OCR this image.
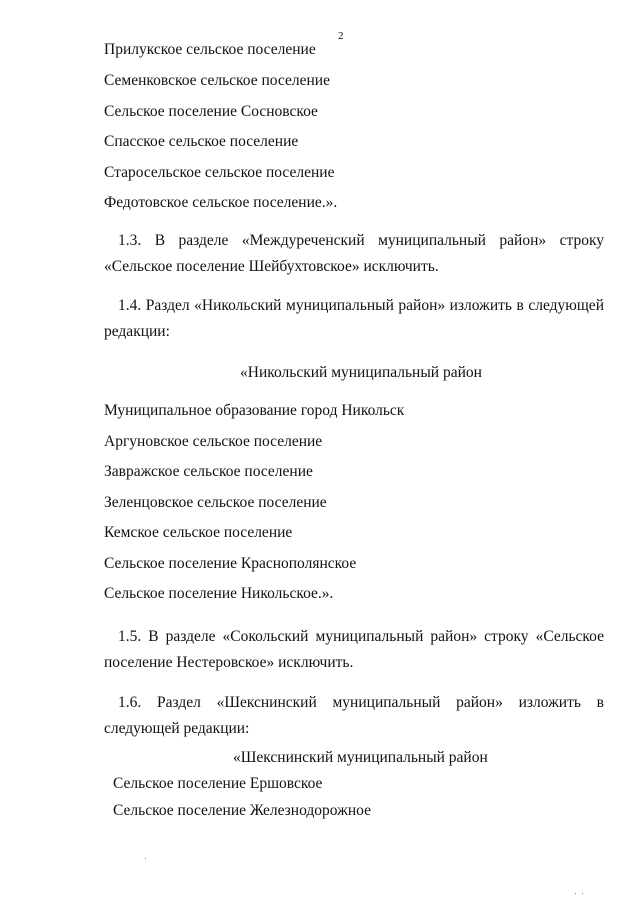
2
Прилукское сельское поселение
Семенковское сельское поселение
Сельское поселение Сосновское
Спасское сельское поселение
Старосельское сельское поселение
Федотовское сельское поселение.».
1.3. В разделе «Междуреченский муниципальный район» строку «Сельское поселение Шейбухтовское» исключить.
1.4. Раздел «Никольский муниципальный район» изложить в следующей редакции:
«Никольский муниципальный район
Муниципальное образование город Никольск
Аргуновское сельское поселение
Завражское сельское поселение
Зеленцовское сельское поселение
Кемское сельское поселение
Сельское поселение Краснополянское
Сельское поселение Никольское.».
1.5. В разделе «Сокольский муниципальный район» строку «Сельское поселение Нестеровское» исключить.
1.6. Раздел «Шекснинский муниципальный район» изложить в следующей редакции:
«Шекснинский муниципальный район
Сельское поселение Ершовское
Сельское поселение Железнодорожное
